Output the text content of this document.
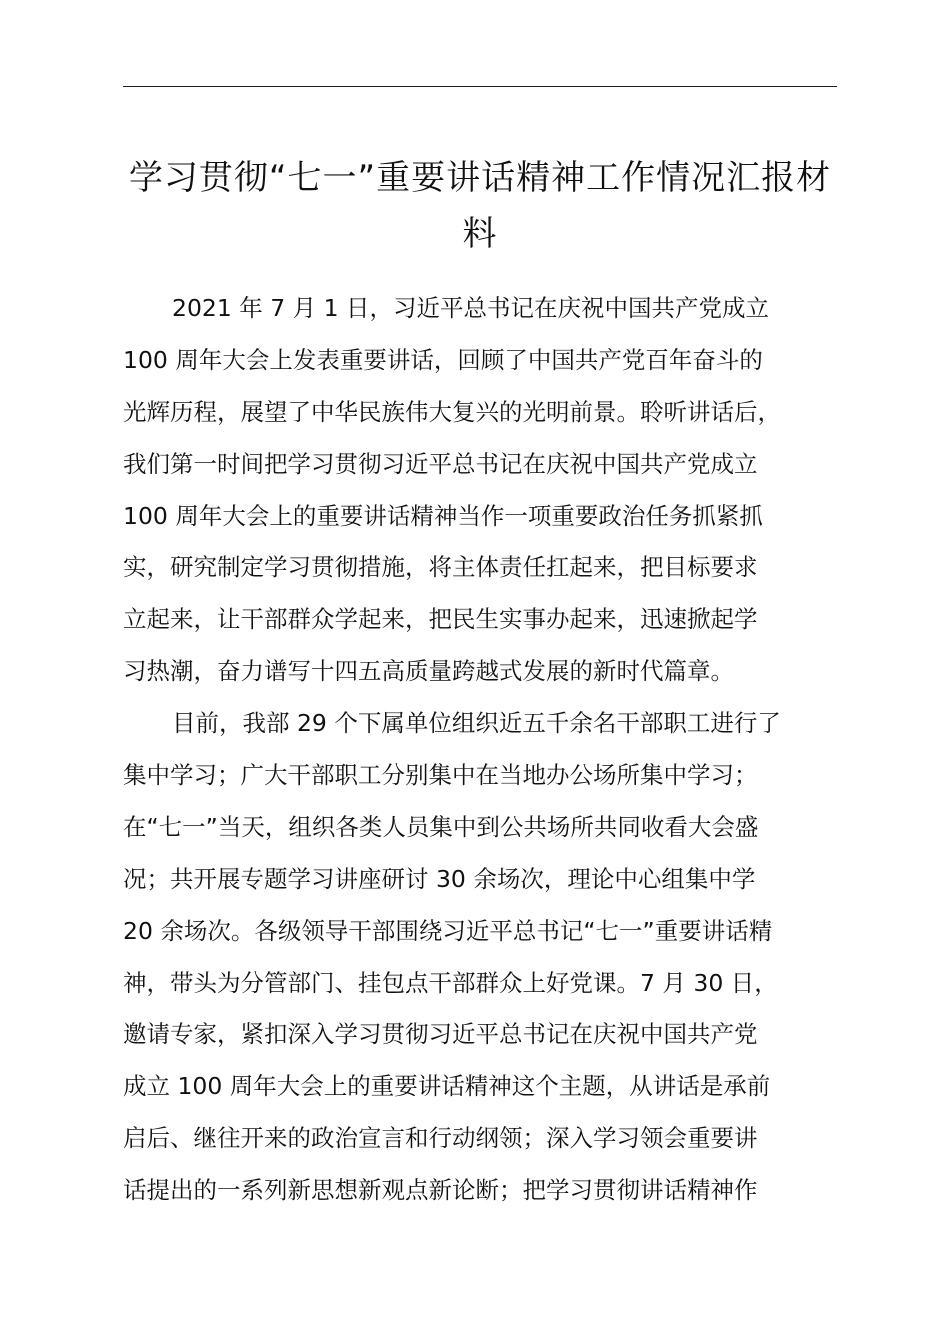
学习贯彻“七一”重要讲话精神工作情况汇报材
料
2021 年 7 月 1 日，习近平总书记在庆祝中国共产党成立
100 周年大会上发表重要讲话，回顾了中国共产党百年奋斗的
光辉历程，展望了中华民族伟大复兴的光明前景。聆听讲话后，
我们第一时间把学习贯彻习近平总书记在庆祝中国共产党成立
100 周年大会上的重要讲话精神当作一项重要政治任务抓紧抓
实，研究制定学习贯彻措施，将主体责任扛起来，把目标要求
立起来，让干部群众学起来，把民生实事办起来，迅速掀起学
习热潮，奋力谱写十四五高质量跨越式发展的新时代篇章。
目前，我部 29 个下属单位组织近五千余名干部职工进行了
集中学习；广大干部职工分别集中在当地办公场所集中学习；
在“七一”当天，组织各类人员集中到公共场所共同收看大会盛
况；共开展专题学习讲座研讨 30 余场次，理论中心组集中学
20 余场次。各级领导干部围绕习近平总书记“七一”重要讲话精
神，带头为分管部门、挂包点干部群众上好党课。7 月 30 日，
邀请专家，紧扣深入学习贯彻习近平总书记在庆祝中国共产党
成立 100 周年大会上的重要讲话精神这个主题，从讲话是承前
启后、继往开来的政治宣言和行动纲领；深入学习领会重要讲
话提出的一系列新思想新观点新论断；把学习贯彻讲话精神作
